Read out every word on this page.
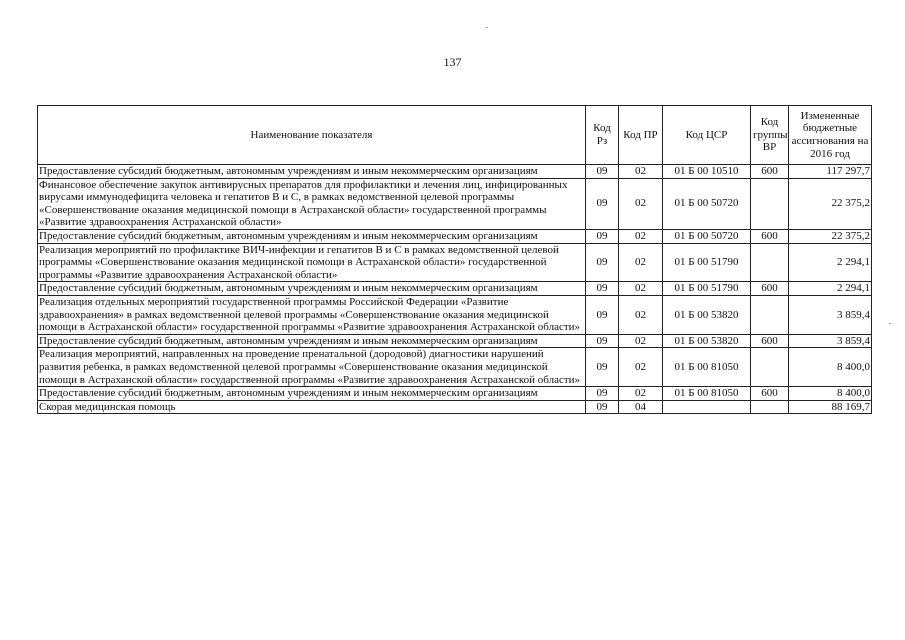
137
Наименование показателя	Код Рз	Код ПР	Код ЦСР	Код группы ВР	Измененные бюджетные ассигнования на 2016 год
Предоставление субсидий бюджетным, автономным учреждениям и иным некоммерческим организациям	09	02	01 Б 00 10510	600	117 297,7
Финансовое обеспечение закупок антивирусных препаратов для профилактики и лечения лиц, инфицированных вирусами иммунодефицита человека и гепатитов В и С, в рамках ведомственной целевой программы «Совершенствование оказания медицинской помощи в Астраханской области» государственной программы «Развитие здравоохранения Астраханской области»	09	02	01 Б 00 50720		22 375,2
Предоставление субсидий бюджетным, автономным учреждениям и иным некоммерческим организациям	09	02	01 Б 00 50720	600	22 375,2
Реализация мероприятий по профилактике ВИЧ-инфекции и гепатитов В и С в рамках ведомственной целевой программы «Совершенствование оказания медицинской помощи в Астраханской области» государственной программы «Развитие здравоохранения Астраханской области»	09	02	01 Б 00 51790		2 294,1
Предоставление субсидий бюджетным, автономным учреждениям и иным некоммерческим организациям	09	02	01 Б 00 51790	600	2 294,1
Реализация отдельных мероприятий государственной программы Российской Федерации «Развитие здравоохранения» в рамках ведомственной целевой программы «Совершенствование оказания медицинской помощи в Астраханской области» государственной программы «Развитие здравоохранения Астраханской области»	09	02	01 Б 00 53820		3 859,4
Предоставление субсидий бюджетным, автономным учреждениям и иным некоммерческим организациям	09	02	01 Б 00 53820	600	3 859,4
Реализация мероприятий, направленных на проведение пренатальной (дородовой) диагностики нарушений развития ребенка, в рамках ведомственной целевой программы «Совершенствование оказания медицинской помощи в Астраханской области» государственной программы «Развитие здравоохранения Астраханской области»	09	02	01 Б 00 81050		8 400,0
Предоставление субсидий бюджетным, автономным учреждениям и иным некоммерческим организациям	09	02	01 Б 00 81050	600	8 400,0
Скорая медицинская помощь	09	04			88 169,7
